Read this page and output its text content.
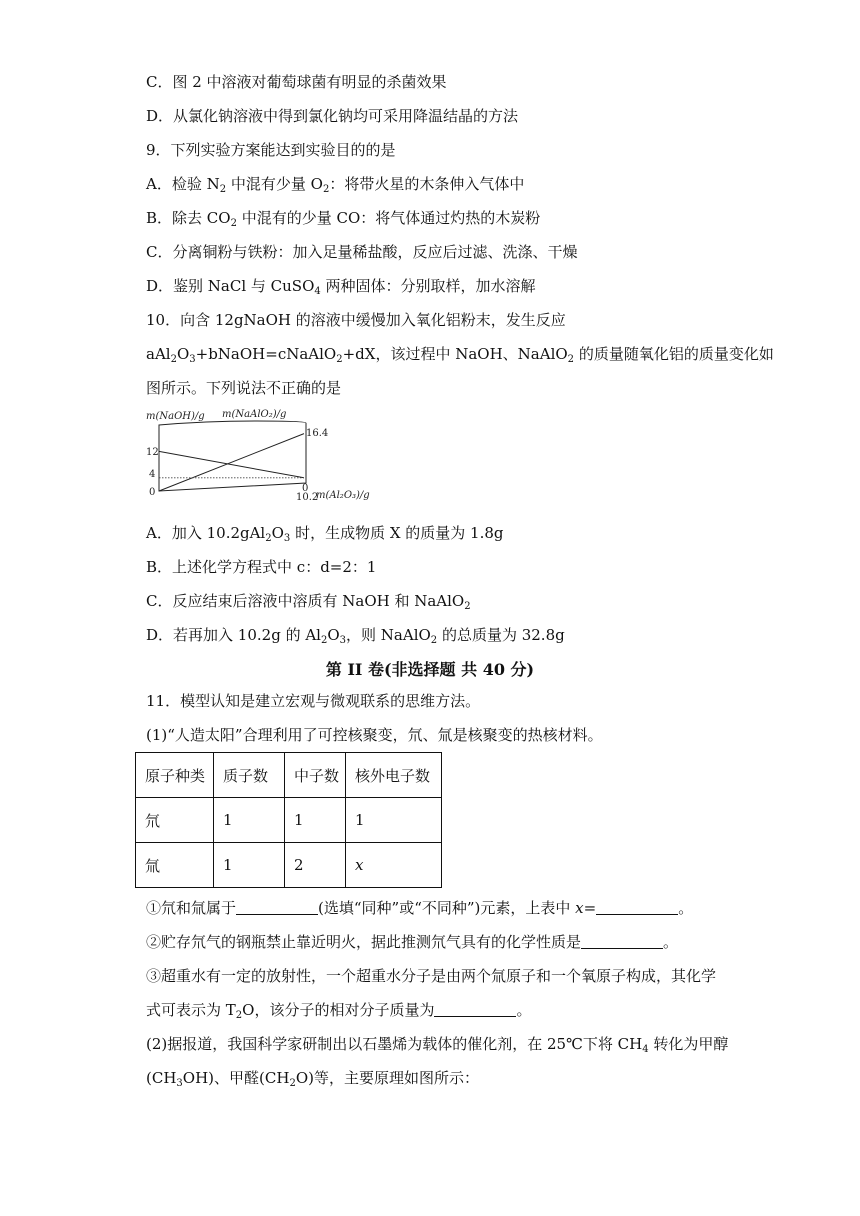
C．图 2 中溶液对葡萄球菌有明显的杀菌效果
D．从氯化钠溶液中得到氯化钠均可采用降温结晶的方法
9．下列实验方案能达到实验目的的是
A．检验 $N_2$ 中混有少量 $O_2$：将带火星的木条伸入气体中
B．除去 $CO_2$ 中混有的少量 CO：将气体通过灼热的木炭粉
C．分离铜粉与铁粉：加入足量稀盐酸，反应后过滤、洗涤、干燥
D．鉴别 NaCl 与 CuSO$_4$ 两种固体：分别取样，加水溶解
10．向含 12gNaOH 的溶液中缓慢加入氧化铝粉末，发生反应
$aAl_2O_3+bNaOH=cNaAlO_2+dX$，该过程中 NaOH、NaAlO$_2$ 的质量随氧化铝的质量变化如
图所示。下列说法不正确的是
m(NaOH)/g m(NaAlO₂)/g
12
4
0
16.4
0
10.2
m(Al₂O₃)/g
A．加入 $10.2gAl_2O_3$ 时，生成物质 X 的质量为 1.8g
B．上述化学方程式中 c：d=2：1
C．反应结束后溶液中溶质有 NaOH 和 NaAlO$_2$
D．若再加入 10.2g 的 $Al_2O_3$，则 NaAlO$_2$ 的总质量为 32.8g
第 II 卷(非选择题 共 40 分)
11．模型认知是建立宏观与微观联系的思维方法。
(1)“人造太阳”合理利用了可控核聚变，氘、氚是核聚变的热核材料。
原子种类	质子数	中子数	核外电子数
氘	1	1	1
氚	1	2	x
①氘和氚属于	(选填“同种”或“不同种”)元素，上表中 x=	。
②贮存氘气的钢瓶禁止靠近明火，据此推测氘气具有的化学性质是	。
③超重水有一定的放射性，一个超重水分子是由两个氚原子和一个氧原子构成，其化学
式可表示为 $T_2O$，该分子的相对分子质量为	。
(2)据报道，我国科学家研制出以石墨烯为载体的催化剂，在 25℃下将 $CH_4$ 转化为甲醇
$(CH_3OH)$、甲醛$(CH_2O)$等，主要原理如图所示：
